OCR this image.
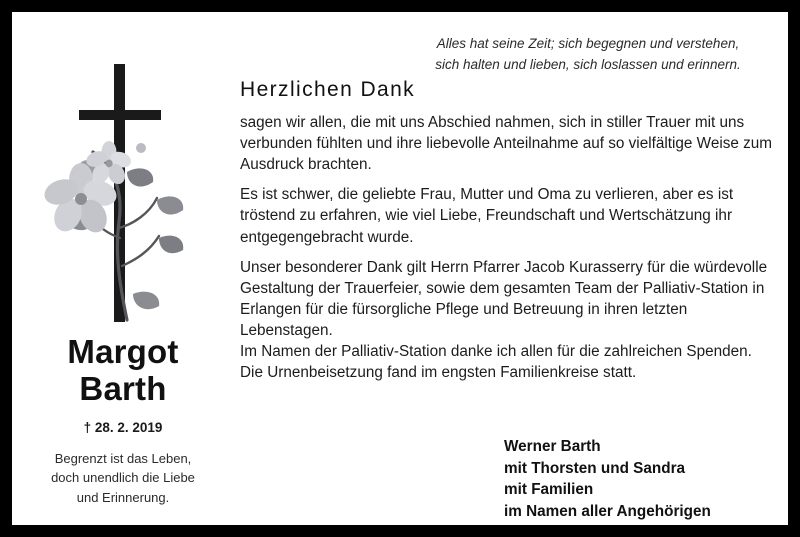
Alles hat seine Zeit; sich begegnen und verstehen,
sich halten und lieben, sich loslassen und erinnern.
Margot
Barth
† 28. 2. 2019
Begrenzt ist das Leben,
doch unendlich die Liebe
und Erinnerung.
Herzlichen Dank

sagen wir allen, die mit uns Abschied nahmen, sich in stiller Trauer mit uns verbunden fühlten und ihre liebevolle Anteilnahme auf so vielfältige Weise zum Ausdruck brachten.

Es ist schwer, die geliebte Frau, Mutter und Oma zu verlieren, aber es ist tröstend zu erfahren, wie viel Liebe, Freundschaft und Wertschätzung ihr entgegengebracht wurde.

Unser besonderer Dank gilt Herrn Pfarrer Jacob Kurasserry für die würdevolle Gestaltung der Trauerfeier, sowie dem gesamten Team der Palliativ-Station in Erlangen für die fürsorgliche Pflege und Betreuung in ihren letzten Lebenstagen.

Im Namen der Palliativ-Station danke ich allen für die zahlreichen Spenden.

Die Urnenbeisetzung fand im engsten Familienkreise statt.

Werner Barth
mit Thorsten und Sandra
mit Familien
im Namen aller Angehörigen
